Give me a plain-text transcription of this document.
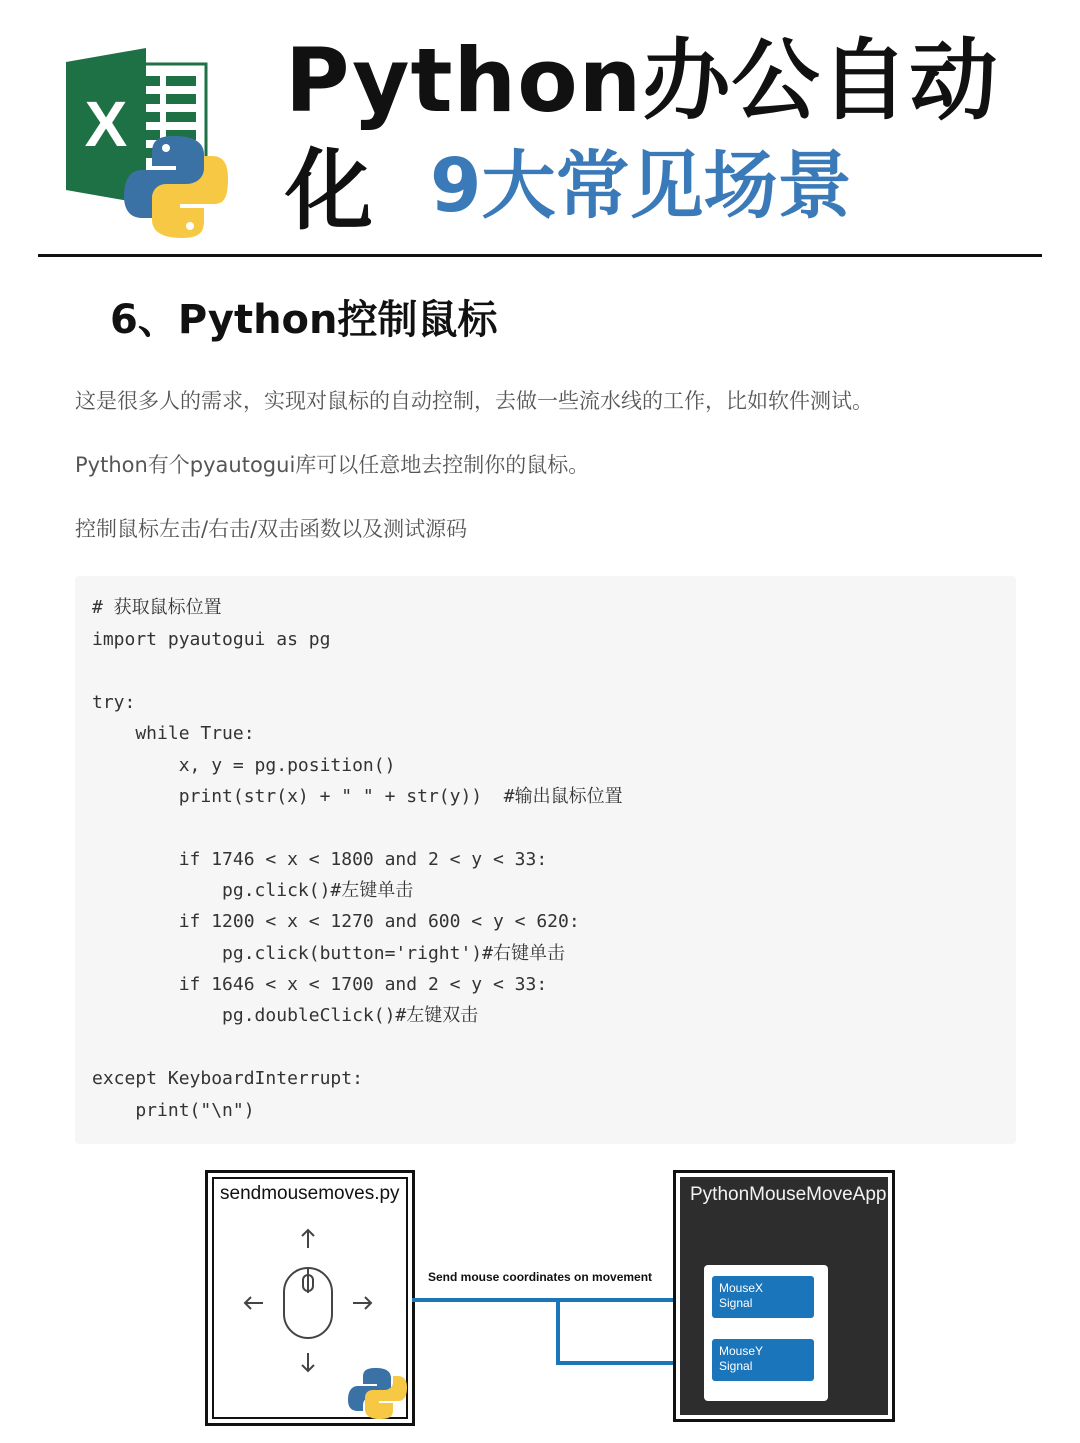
X Python办公自动化 9大常见场景
6、Python控制鼠标
这是很多人的需求，实现对鼠标的自动控制，去做一些流水线的工作，比如软件测试。
Python有个pyautogui库可以任意地去控制你的鼠标。
控制鼠标左击/右击/双击函数以及测试源码
# 获取鼠标位置
import pyautogui as pg
try:
while True:
x, y = pg.position()
print(str(x) + " " + str(y))  #输出鼠标位置
if 1746 < x < 1800 and 2 < y < 33:
pg.click()#左键单击
if 1200 < x < 1270 and 600 < y < 620:
pg.click(button='right')#右键单击
if 1646 < x < 1700 and 2 < y < 33:
pg.doubleClick()#左键双击
except KeyboardInterrupt:
print("\n")
sendmousemoves.py
Send mouse coordinates on movement
PythonMouseMoveApp
MouseX
Signal
MouseY
Signal
